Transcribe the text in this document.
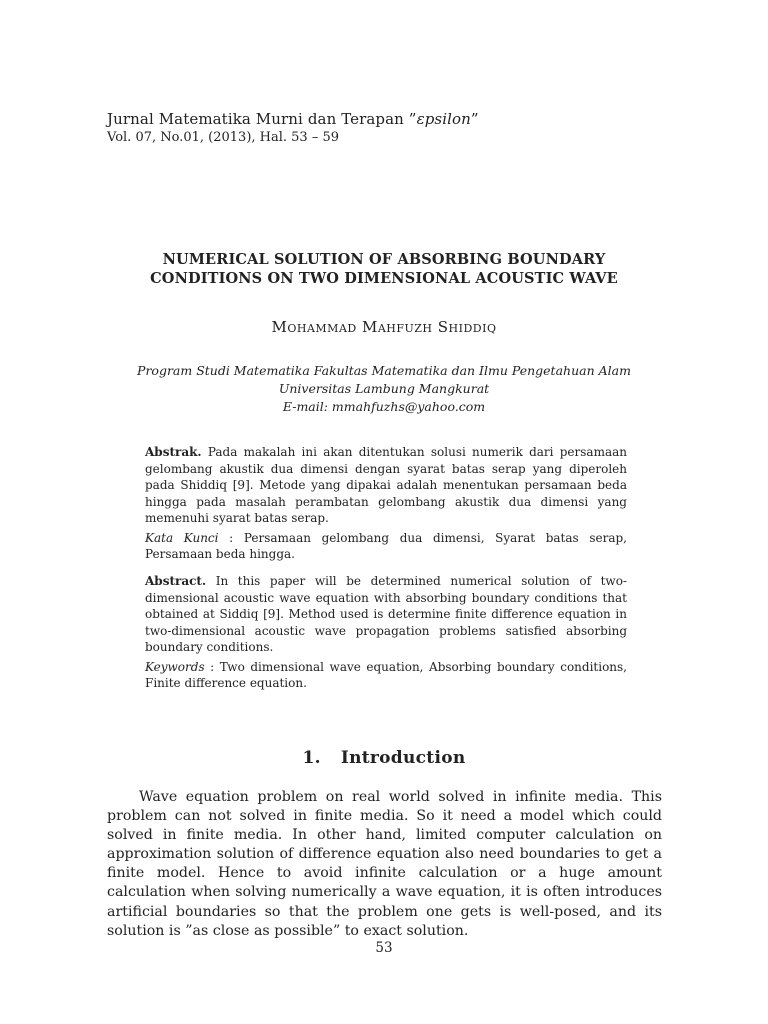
Jurnal Matematika Murni dan Terapan ”εpsilon”
Vol. 07, No.01, (2013), Hal. 53 – 59
NUMERICAL SOLUTION OF ABSORBING BOUNDARY
CONDITIONS ON TWO DIMENSIONAL ACOUSTIC WAVE
Mohammad Mahfuzh Shiddiq
Program Studi Matematika Fakultas Matematika dan Ilmu Pengetahuan Alam
Universitas Lambung Mangkurat
E-mail: mmahfuzhs@yahoo.com
Abstrak. Pada makalah ini akan ditentukan solusi numerik dari persamaan gelombang akustik dua dimensi dengan syarat batas serap yang diperoleh pada Shiddiq [9]. Metode yang dipakai adalah menentukan persamaan beda hingga pada masalah perambatan gelombang akustik dua dimensi yang memenuhi syarat batas serap.
Kata Kunci : Persamaan gelombang dua dimensi, Syarat batas serap, Persamaan beda hingga.
Abstract. In this paper will be determined numerical solution of two-dimensional acoustic wave equation with absorbing boundary conditions that obtained at Siddiq [9]. Method used is determine finite difference equation in two-dimensional acoustic wave propagation problems satisfied absorbing boundary conditions.
Keywords : Two dimensional wave equation, Absorbing boundary conditions, Finite difference equation.
1. Introduction
Wave equation problem on real world solved in infinite media. This problem can not solved in finite media. So it need a model which could solved in finite media. In other hand, limited computer calculation on approximation solution of difference equation also need boundaries to get a finite model. Hence to avoid infinite calculation or a huge amount calculation when solving numerically a wave equation, it is often introduces artificial boundaries so that the problem one gets is well-posed, and its solution is ”as close as possible” to exact solution.
53
